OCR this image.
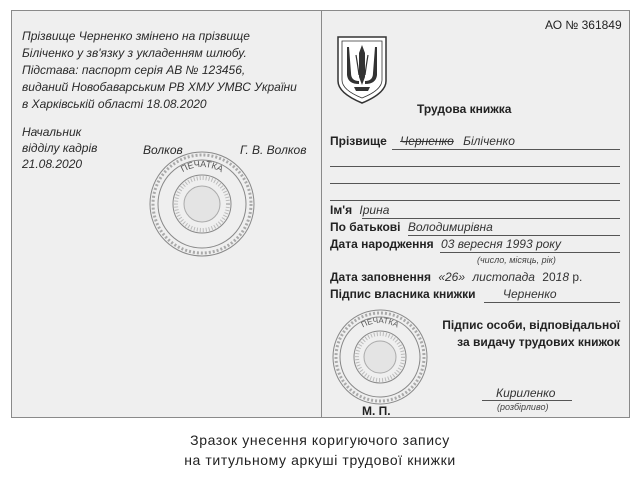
Прізвище Черненко змінено на прізвище
Біліченко у зв'язку з укладенням шлюбу.
Підстава: паспорт серія АВ № 123456,
виданий Новобаварським РВ ХМУ УМВС України
в Харківській області 18.08.2020
Начальник
відділу кадрів
21.08.2020
Волков	Г. В. Волков
ПЕЧАТКА
АО № 361849
Трудова книжка
Прізвище Черненко Біліченко
Ім'я Ірина
По батькові Володимирівна
Дата народження 03 вересня 1993 року
(число, місяць, рік)
Дата заповнення «26» листопада 2018 р.
Підпис власника книжки Черненко
Підпис особи, відповідальної
за видачу трудових книжок
Кириленко
(розбірливо)
ПЕЧАТКА
М. П.
Зразок унесення коригуючого запису
на титульному аркуші трудової книжки
